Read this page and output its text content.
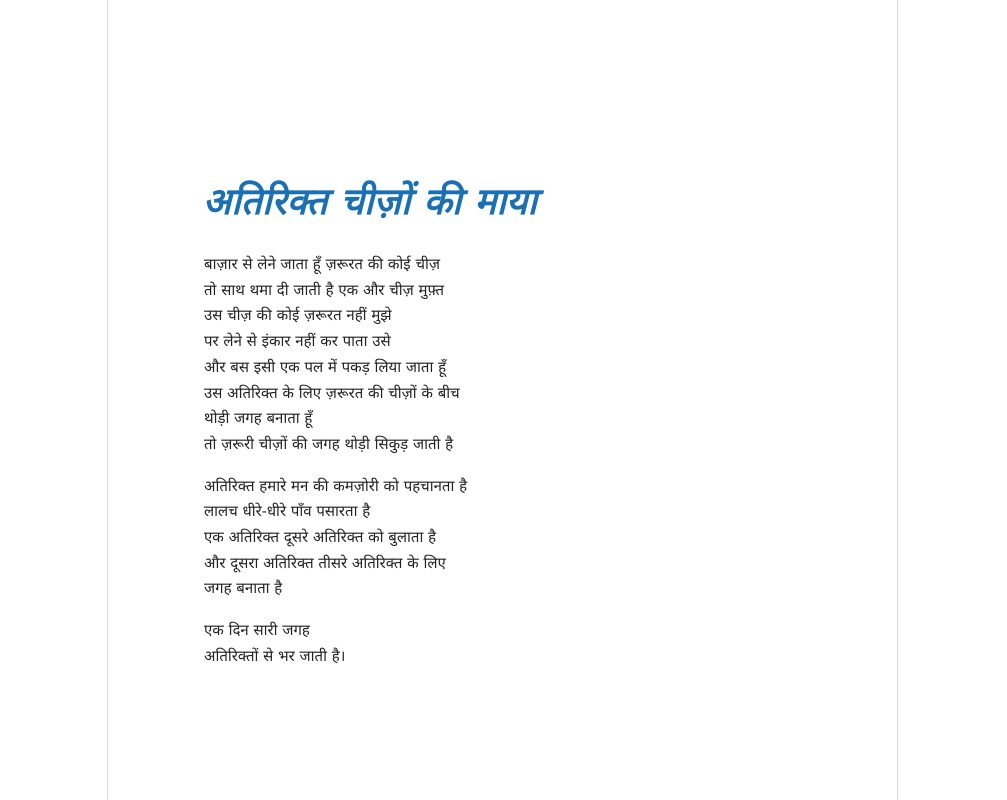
अतिरिक्त चीज़ों की माया

बाज़ार से लेने जाता हूँ ज़रूरत की कोई चीज़
तो साथ थमा दी जाती है एक और चीज़ मुफ़्त
उस चीज़ की कोई ज़रूरत नहीं मुझे
पर लेने से इंकार नहीं कर पाता उसे
और बस इसी एक पल में पकड़ लिया जाता हूँ
उस अतिरिक्त के लिए ज़रूरत की चीज़ों के बीच
थोड़ी जगह बनाता हूँ
तो ज़रूरी चीज़ों की जगह थोड़ी सिकुड़ जाती है

अतिरिक्त हमारे मन की कमज़ोरी को पहचानता है
लालच धीरे-धीरे पाँव पसारता है
एक अतिरिक्त दूसरे अतिरिक्त को बुलाता है
और दूसरा अतिरिक्त तीसरे अतिरिक्त के लिए
जगह बनाता है

एक दिन सारी जगह
अतिरिक्तों से भर जाती है।
